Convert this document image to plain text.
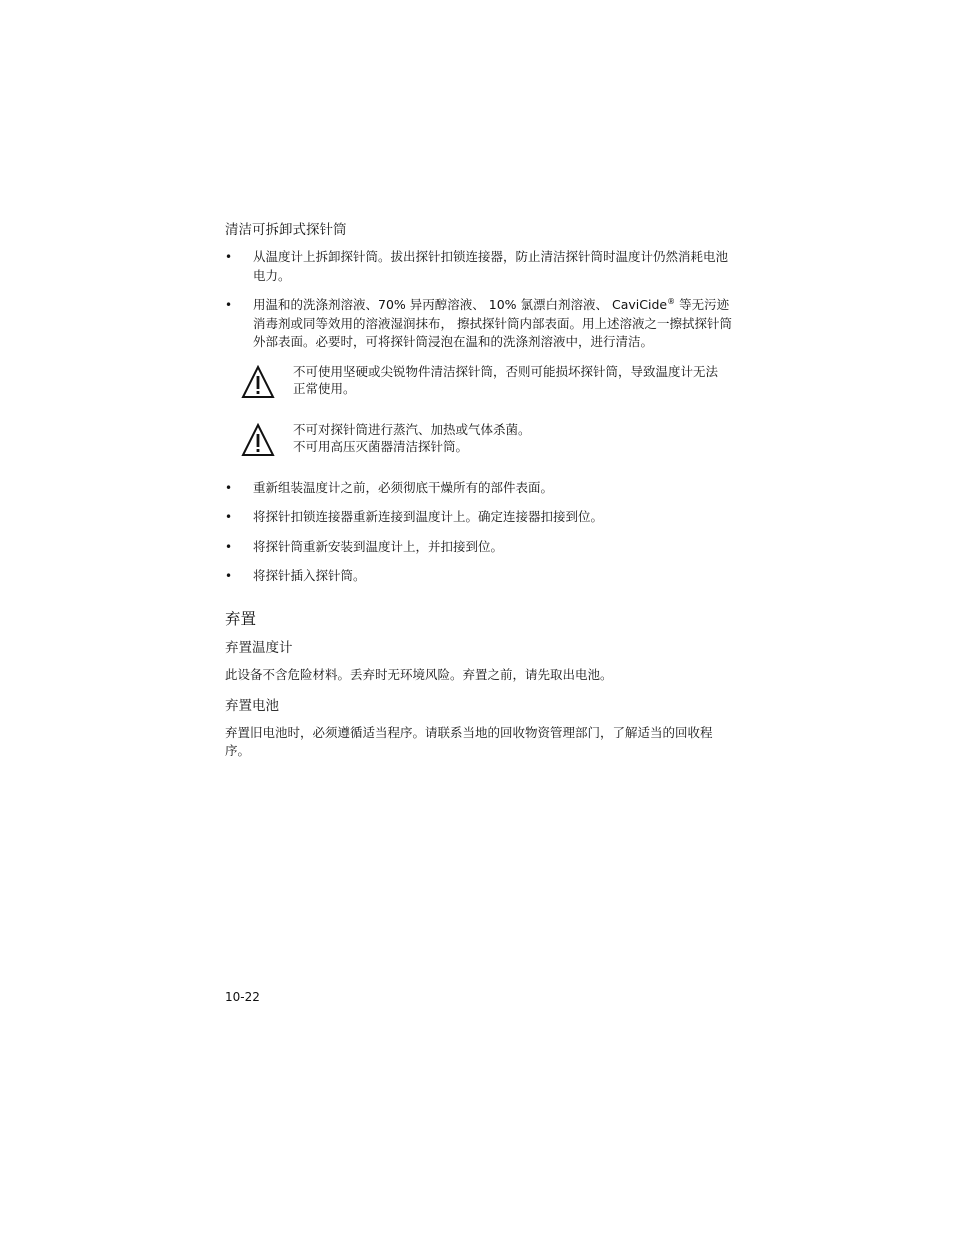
清洁可拆卸式探针筒
• 从温度计上拆卸探针筒。拔出探针扣锁连接器，防止清洁探针筒时温度计仍然消耗电池电力。
• 用温和的洗涤剂溶液、70% 异丙醇溶液、 10% 氯漂白剂溶液、 CaviCide® 等无污迹消毒剂或同等效用的溶液湿润抹布， 擦拭探针筒内部表面。用上述溶液之一擦拭探针筒外部表面。必要时，可将探针筒浸泡在温和的洗涤剂溶液中，进行清洁。
不可使用坚硬或尖锐物件清洁探针筒，否则可能损坏探针筒，导致温度计无法正常使用。
不可对探针筒进行蒸汽、加热或气体杀菌。
不可用高压灭菌器清洁探针筒。
• 重新组装温度计之前，必须彻底干燥所有的部件表面。
• 将探针扣锁连接器重新连接到温度计上。确定连接器扣接到位。
• 将探针筒重新安装到温度计上，并扣接到位。
• 将探针插入探针筒。
弃置
弃置温度计

此设备不含危险材料。丢弃时无环境风险。弃置之前，请先取出电池。

弃置电池

弃置旧电池时，必须遵循适当程序。请联系当地的回收物资管理部门，了解适当的回收程序。

10-22
